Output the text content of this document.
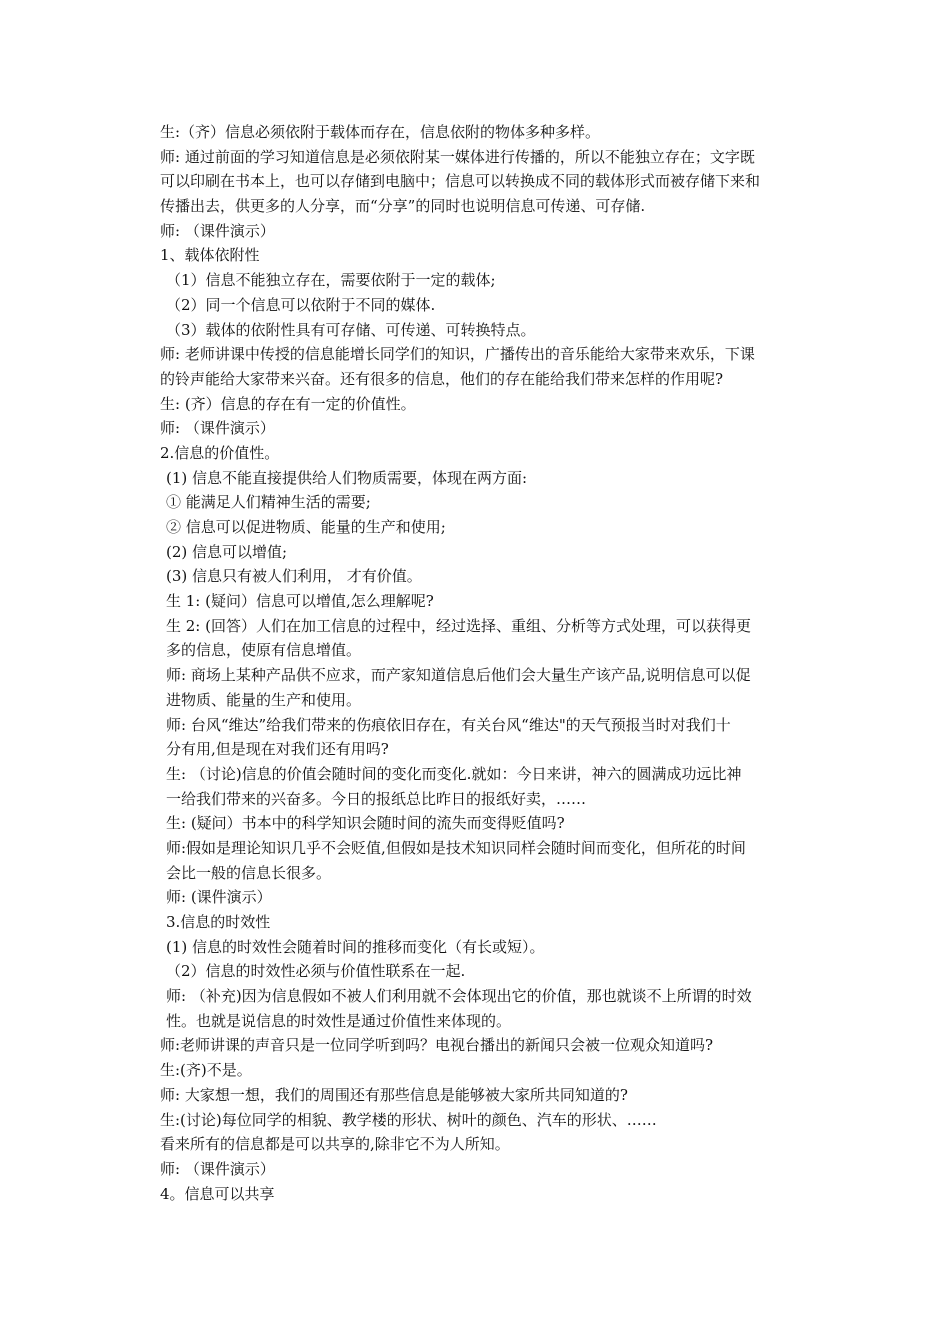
生:（齐）信息必须依附于载体而存在，信息依附的物体多种多样。
师: 通过前面的学习知道信息是必须依附某一媒体进行传播的，所以不能独立存在；文字既
可以印刷在书本上，也可以存储到电脑中；信息可以转换成不同的载体形式而被存储下来和
传播出去，供更多的人分享，而“分享”的同时也说明信息可传递、可存储.
师: （课件演示）
1、载体依附性
（1）信息不能独立存在，需要依附于一定的载体;
（2）同一个信息可以依附于不同的媒体.
（3）载体的依附性具有可存储、可传递、可转换特点。
师: 老师讲课中传授的信息能增长同学们的知识，广播传出的音乐能给大家带来欢乐，下课
的铃声能给大家带来兴奋。还有很多的信息，他们的存在能给我们带来怎样的作用呢?
生: (齐）信息的存在有一定的价值性。
师: （课件演示）
2.信息的价值性。
(1) 信息不能直接提供给人们物质需要，体现在两方面:
① 能满足人们精神生活的需要;
② 信息可以促进物质、能量的生产和使用;
(2) 信息可以增值;
(3) 信息只有被人们利用， 才有价值。
生 1: (疑问）信息可以增值,怎么理解呢?
生 2: (回答）人们在加工信息的过程中，经过选择、重组、分析等方式处理，可以获得更
多的信息，使原有信息增值。
师: 商场上某种产品供不应求，而产家知道信息后他们会大量生产该产品,说明信息可以促
进物质、能量的生产和使用。
师: 台风“维达”给我们带来的伤痕依旧存在，有关台风“维达"的天气预报当时对我们十
分有用,但是现在对我们还有用吗?
生: （讨论)信息的价值会随时间的变化而变化.就如：今日来讲，神六的圆满成功远比神
一给我们带来的兴奋多。今日的报纸总比昨日的报纸好卖，……
生: (疑问）书本中的科学知识会随时间的流失而变得贬值吗?
师:假如是理论知识几乎不会贬值,但假如是技术知识同样会随时间而变化，但所花的时间
会比一般的信息长很多。
师: (课件演示）
3.信息的时效性
(1) 信息的时效性会随着时间的推移而变化（有长或短）。
（2）信息的时效性必须与价值性联系在一起.
师: （补充)因为信息假如不被人们利用就不会体现出它的价值，那也就谈不上所谓的时效
性。也就是说信息的时效性是通过价值性来体现的。
师:老师讲课的声音只是一位同学听到吗？电视台播出的新闻只会被一位观众知道吗?
生:(齐)不是。
师: 大家想一想，我们的周围还有那些信息是能够被大家所共同知道的?
生:(讨论)每位同学的相貌、教学楼的形状、树叶的颜色、汽车的形状、……
看来所有的信息都是可以共享的,除非它不为人所知。
师: （课件演示）
4。信息可以共享
